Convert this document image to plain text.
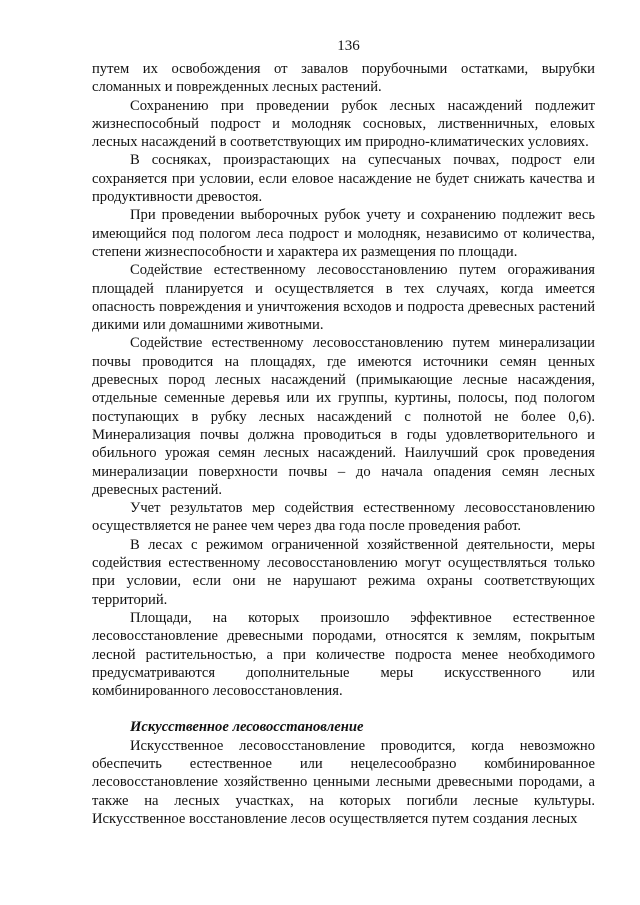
136

путем их освобождения от завалов порубочными остатками, вырубки сломанных и поврежденных лесных растений.

Сохранению при проведении рубок лесных насаждений подлежит жизнеспособный подрост и молодняк сосновых, лиственничных, еловых лесных насаждений в соответствующих им природно-климатических условиях.

В сосняках, произрастающих на супесчаных почвах, подрост ели сохраняется при условии, если еловое насаждение не будет снижать качества и продуктивности древостоя.

При проведении выборочных рубок учету и сохранению подлежит весь имеющийся под пологом леса подрост и молодняк, независимо от количества, степени жизнеспособности и характера их размещения по площади.

Содействие естественному лесовосстановлению путем огораживания площадей планируется и осуществляется в тех случаях, когда имеется опасность повреждения и уничтожения всходов и подроста древесных растений дикими или домашними животными.

Содействие естественному лесовосстановлению путем минерализации почвы проводится на площадях, где имеются источники семян ценных древесных пород лесных насаждений (примыкающие лесные насаждения, отдельные семенные деревья или их группы, куртины, полосы, под пологом поступающих в рубку лесных насаждений с полнотой не более 0,6). Минерализация почвы должна проводиться в годы удовлетворительного и обильного урожая семян лесных насаждений. Наилучший срок проведения минерализации поверхности почвы – до начала опадения семян лесных древесных растений.

Учет результатов мер содействия естественному лесовосстановлению осуществляется не ранее чем через два года после проведения работ.

В лесах с режимом ограниченной хозяйственной деятельности, меры содействия естественному лесовосстановлению могут осуществляться только при условии, если они не нарушают режима охраны соответствующих территорий.

Площади, на которых произошло эффективное естественное лесовосстановление древесными породами, относятся к землям, покрытым лесной растительностью, а при количестве подроста менее необходимого предусматриваются дополнительные меры искусственного или комбинированного лесовосстановления.

Искусственное лесовосстановление

Искусственное лесовосстановление проводится, когда невозможно обеспечить естественное или нецелесообразно комбинированное лесовосстановление хозяйственно ценными лесными древесными породами, а также на лесных участках, на которых погибли лесные культуры. Искусственное восстановление лесов осуществляется путем создания лесных
